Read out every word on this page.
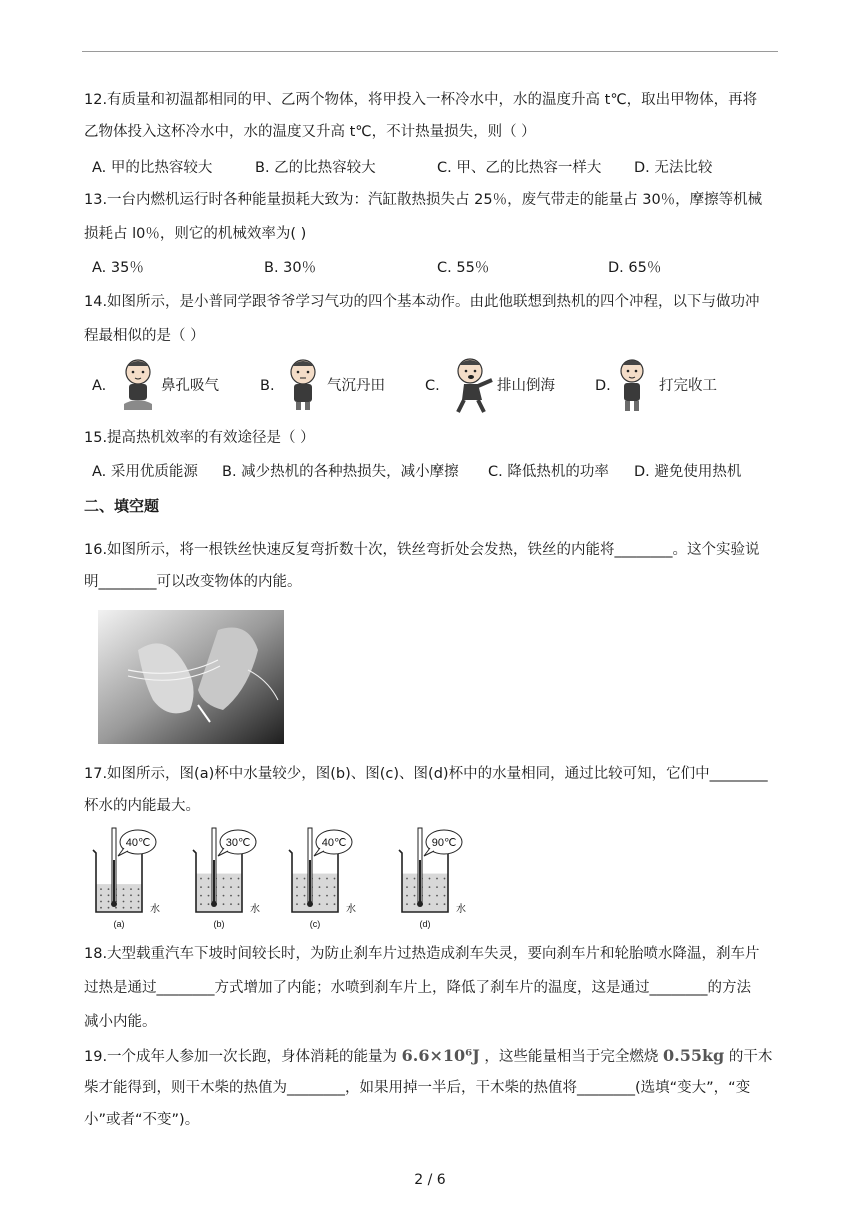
12.有质量和初温都相同的甲、乙两个物体，将甲投入一杯冷水中，水的温度升高 t℃，取出甲物体，再将
乙物体投入这杯冷水中，水的温度又升高 t℃，不计热量损失，则（ ）
A. 甲的比热容较大	B. 乙的比热容较大	C. 甲、乙的比热容一样大 D. 无法比较
13.一台内燃机运行时各种能量损耗大致为：汽缸散热损失占 25％，废气带走的能量占 30％，摩擦等机械
损耗占 l0％，则它的机械效率为( )
A. 35％	B. 30％	C. 55％	D. 65％
14.如图所示，是小普同学跟爷爷学习气功的四个基本动作。由此他联想到热机的四个冲程，以下与做功冲
程最相似的是（ ）
A.	鼻孔吸气	B.	气沉丹田	C.	排山倒海	D.	打完收工
15.提高热机效率的有效途径是（ ）
A. 采用优质能源 B. 减少热机的各种热损失，减小摩擦 C. 降低热机的功率 D. 避免使用热机
二、填空题
16.如图所示，将一根铁丝快速反复弯折数十次，铁丝弯折处会发热，铁丝的内能将________。这个实验说
明________可以改变物体的内能。
17.如图所示，图(a)杯中水量较少，图(b)、图(c)、图(d)杯中的水量相同，通过比较可知，它们中________
杯水的内能最大。
40℃
(a)
水
30℃
(b)
水
40℃
(c)
水
90℃
(d)
水
18.大型载重汽车下坡时间较长时，为防止刹车片过热造成刹车失灵，要向刹车片和轮胎喷水降温，刹车片
过热是通过________方式增加了内能；水喷到刹车片上，降低了刹车片的温度，这是通过________的方法
减小内能。
19.一个成年人参加一次长跑，身体消耗的能量为 6.6×10⁶J ，这些能量相当于完全燃烧 0.55kg 的干木
柴才能得到，则干木柴的热值为________，如果用掉一半后，干木柴的热值将________(选填“变大”，“变
小”或者“不变”)。
2 / 6
